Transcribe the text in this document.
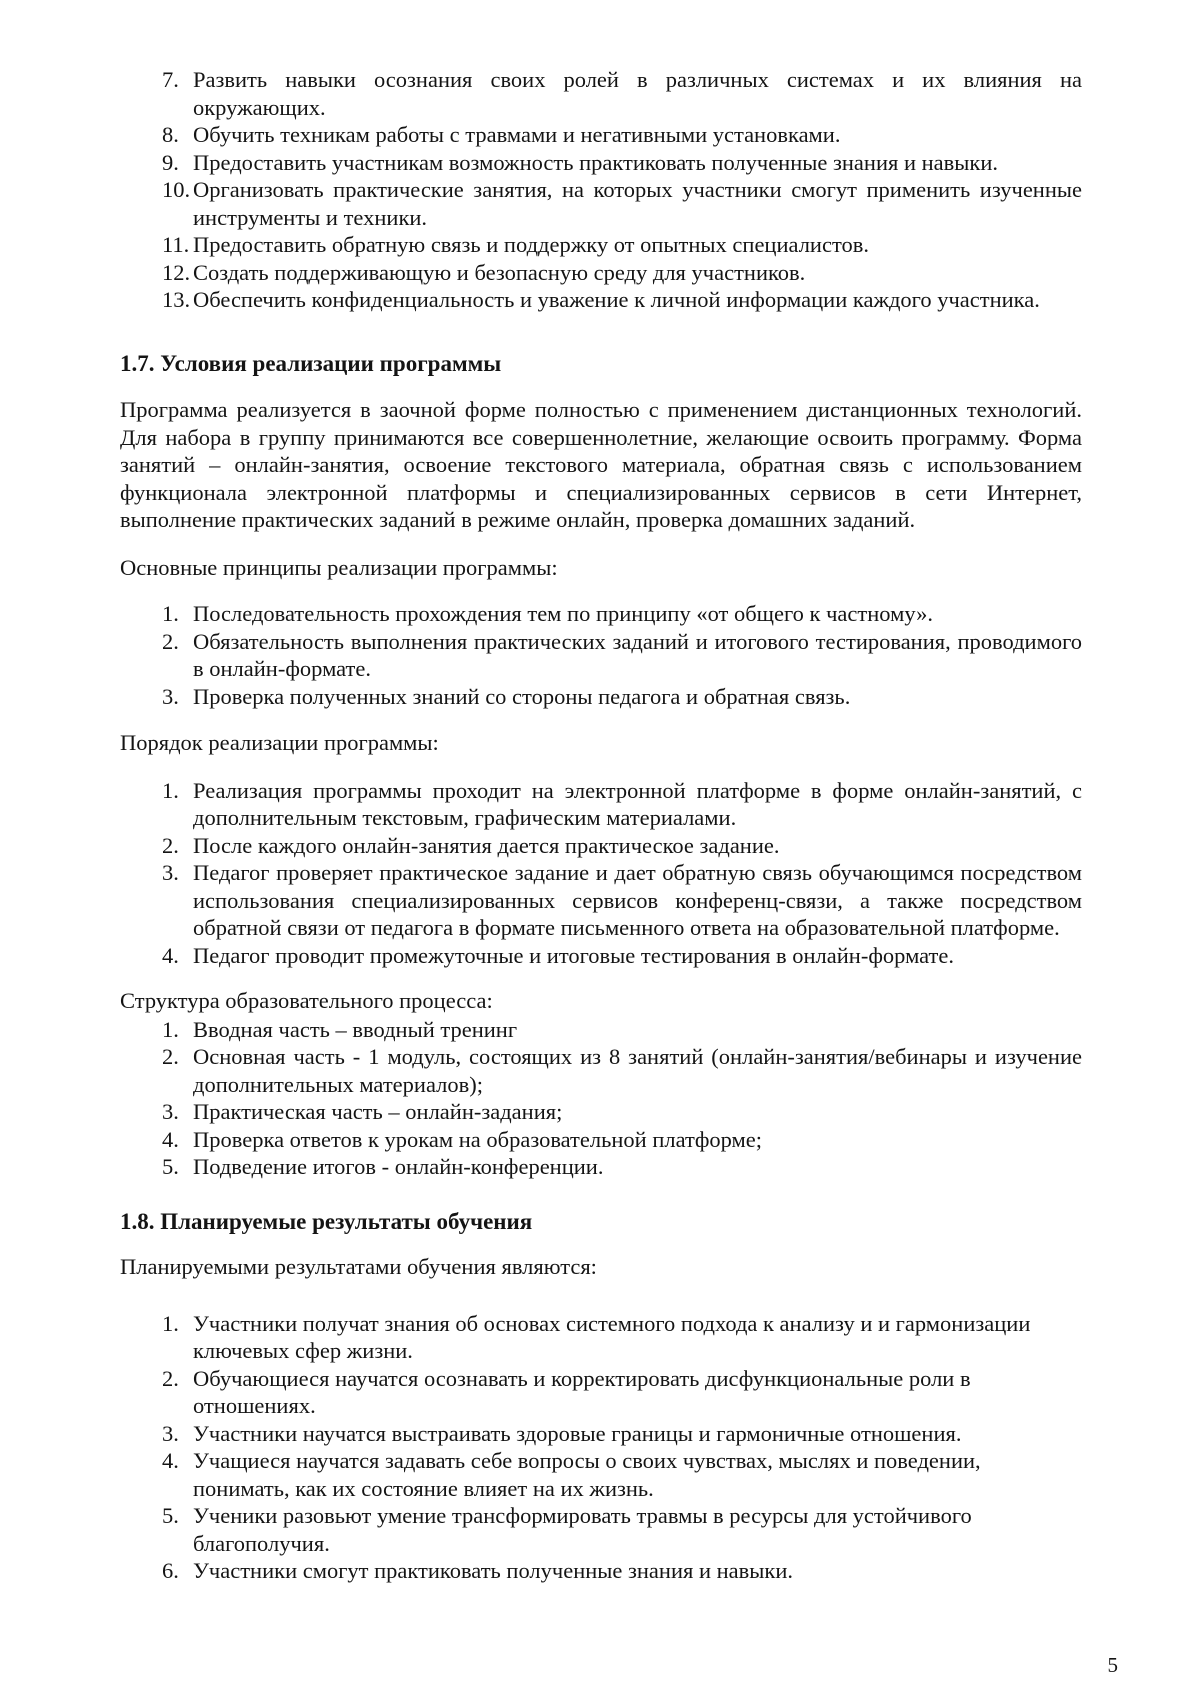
7. Развить навыки осознания своих ролей в различных системах и их влияния на окружающих.
8. Обучить техникам работы с травмами и негативными установками.
9. Предоставить участникам возможность практиковать полученные знания и навыки.
10. Организовать практические занятия, на которых участники смогут применить изученные инструменты и техники.
11. Предоставить обратную связь и поддержку от опытных специалистов.
12. Создать поддерживающую и безопасную среду для участников.
13. Обеспечить конфиденциальность и уважение к личной информации каждого участника.
1.7. Условия реализации программы

Программа реализуется в заочной форме полностью с применением дистанционных технологий. Для набора в группу принимаются все совершеннолетние, желающие освоить программу. Форма занятий – онлайн-занятия, освоение текстового материала, обратная связь с использованием функционала электронной платформы и специализированных сервисов в сети Интернет, выполнение практических заданий в режиме онлайн, проверка домашних заданий.

Основные принципы реализации программы:

1. Последовательность прохождения тем по принципу «от общего к частному».
2. Обязательность выполнения практических заданий и итогового тестирования, проводимого в онлайн-формате.
3. Проверка полученных знаний со стороны педагога и обратная связь.

Порядок реализации программы:

1. Реализация программы проходит на электронной платформе в форме онлайн-занятий, с дополнительным текстовым, графическим материалами.
2. После каждого онлайн-занятия дается практическое задание.
3. Педагог проверяет практическое задание и дает обратную связь обучающимся посредством использования специализированных сервисов конференц-связи, а также посредством обратной связи от педагога в формате письменного ответа на образовательной платформе.
4. Педагог проводит промежуточные и итоговые тестирования в онлайн-формате.

Структура образовательного процесса:

1. Вводная часть – вводный тренинг
2. Основная часть - 1 модуль, состоящих из 8 занятий (онлайн-занятия/вебинары и изучение дополнительных материалов);
3. Практическая часть – онлайн-задания;
4. Проверка ответов к урокам на образовательной платформе;
5. Подведение итогов - онлайн-конференции.
1.8. Планируемые результаты обучения

Планируемыми результатами обучения являются:

1. Участники получат знания об основах системного подхода к анализу и и гармонизации ключевых сфер жизни.
2. Обучающиеся научатся осознавать и корректировать дисфункциональные роли в отношениях.
3. Участники научатся выстраивать здоровые границы и гармоничные отношения.
4. Учащиеся научатся задавать себе вопросы о своих чувствах, мыслях и поведении, понимать, как их состояние влияет на их жизнь.
5. Ученики разовьют умение трансформировать травмы в ресурсы для устойчивого благополучия.
6. Участники смогут практиковать полученные знания и навыки.
5
